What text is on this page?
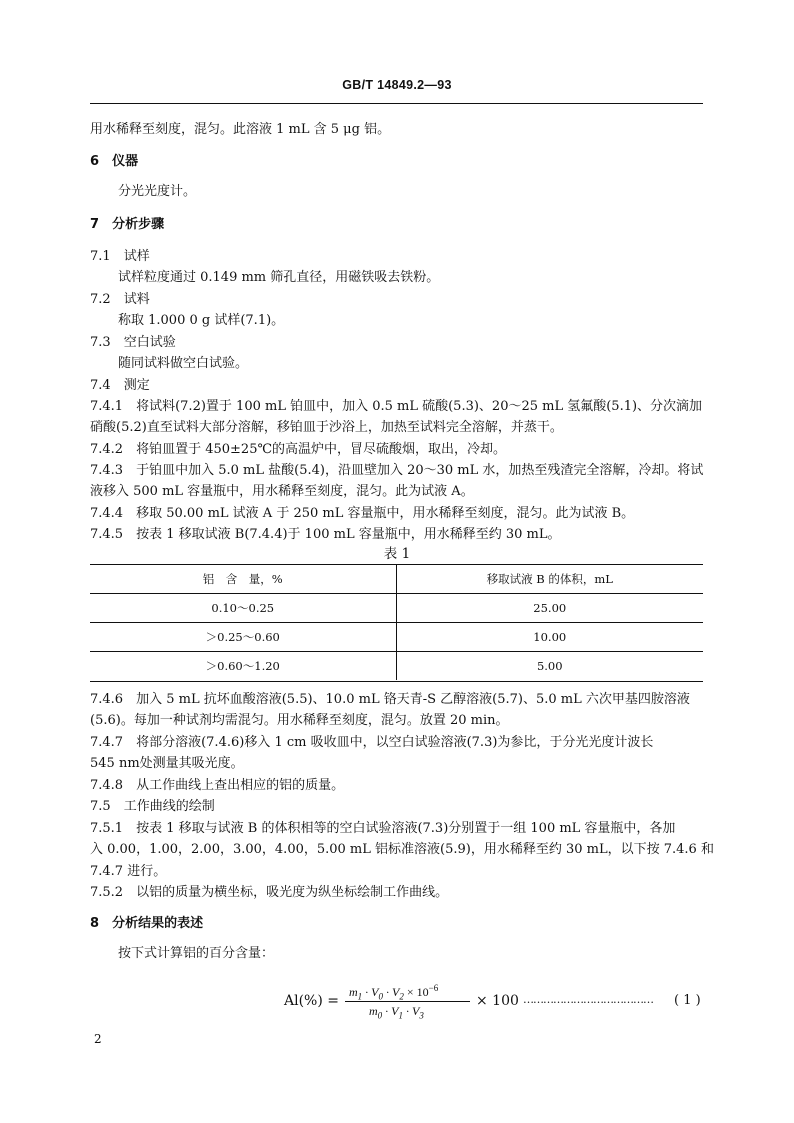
GB/T 14849.2—93
用水稀释至刻度，混匀。此溶液 1 mL 含 5 μg 铝。
6　 仪器
分光光度计。
7　 分析步骤
7.1　 试样
试样粒度通过 0.149 mm 筛孔直径，用磁铁吸去铁粉。
7.2　 试料
称取 1.000 0 g 试样(7.1)。
7.3　 空白试验
随同试料做空白试验。
7.4　 测定
7.4.1　 将试料(7.2)置于 100 mL 铂皿中，加入 0.5 mL 硫酸(5.3)、20～25 mL 氢氟酸(5.1)、分次滴加
硝酸(5.2)直至试料大部分溶解，移铂皿于沙浴上，加热至试料完全溶解，并蒸干。
7.4.2　 将铂皿置于 450±25℃的高温炉中，冒尽硫酸烟，取出，冷却。
7.4.3　 于铂皿中加入 5.0 mL 盐酸(5.4)，沿皿壁加入 20～30 mL 水，加热至残渣完全溶解，冷却。将试
液移入 500 mL 容量瓶中，用水稀释至刻度，混匀。此为试液 A。
7.4.4　 移取 50.00 mL 试液 A 于 250 mL 容量瓶中，用水稀释至刻度，混匀。此为试液 B。
7.4.5　 按表 1 移取试液 B(7.4.4)于 100 mL 容量瓶中，用水稀释至约 30 mL。
表 1
铝　含　量，%	移取试液 B 的体积，mL
0.10～0.25	25.00
＞0.25～0.60	10.00
＞0.60～1.20	5.00
7.4.6　 加入 5 mL 抗坏血酸溶液(5.5)、10.0 mL 铬天青-S 乙醇溶液(5.7)、5.0 mL 六次甲基四胺溶液
(5.6)。每加一种试剂均需混匀。用水稀释至刻度，混匀。放置 20 min。
7.4.7　 将部分溶液(7.4.6)移入 1 cm 吸收皿中，以空白试验溶液(7.3)为参比，于分光光度计波长
545 nm处测量其吸光度。
7.4.8　 从工作曲线上查出相应的铝的质量。
7.5　 工作曲线的绘制
7.5.1　 按表 1 移取与试液 B 的体积相等的空白试验溶液(7.3)分别置于一组 100 mL 容量瓶中，各加
入 0.00，1.00，2.00，3.00，4.00，5.00 mL 铝标准溶液(5.9)，用水稀释至约 30 mL，以下按 7.4.6 和
7.4.7 进行。
7.5.2　 以铝的质量为横坐标，吸光度为纵坐标绘制工作曲线。
8　 分析结果的表述
按下式计算铝的百分含量：
Al(%) =
$m_1 \cdot V_0 \cdot V_2 \times 10^{-6}$
$m_0 \cdot V_1 \cdot V_3$
× 100 …………………………………	( 1 )
2
